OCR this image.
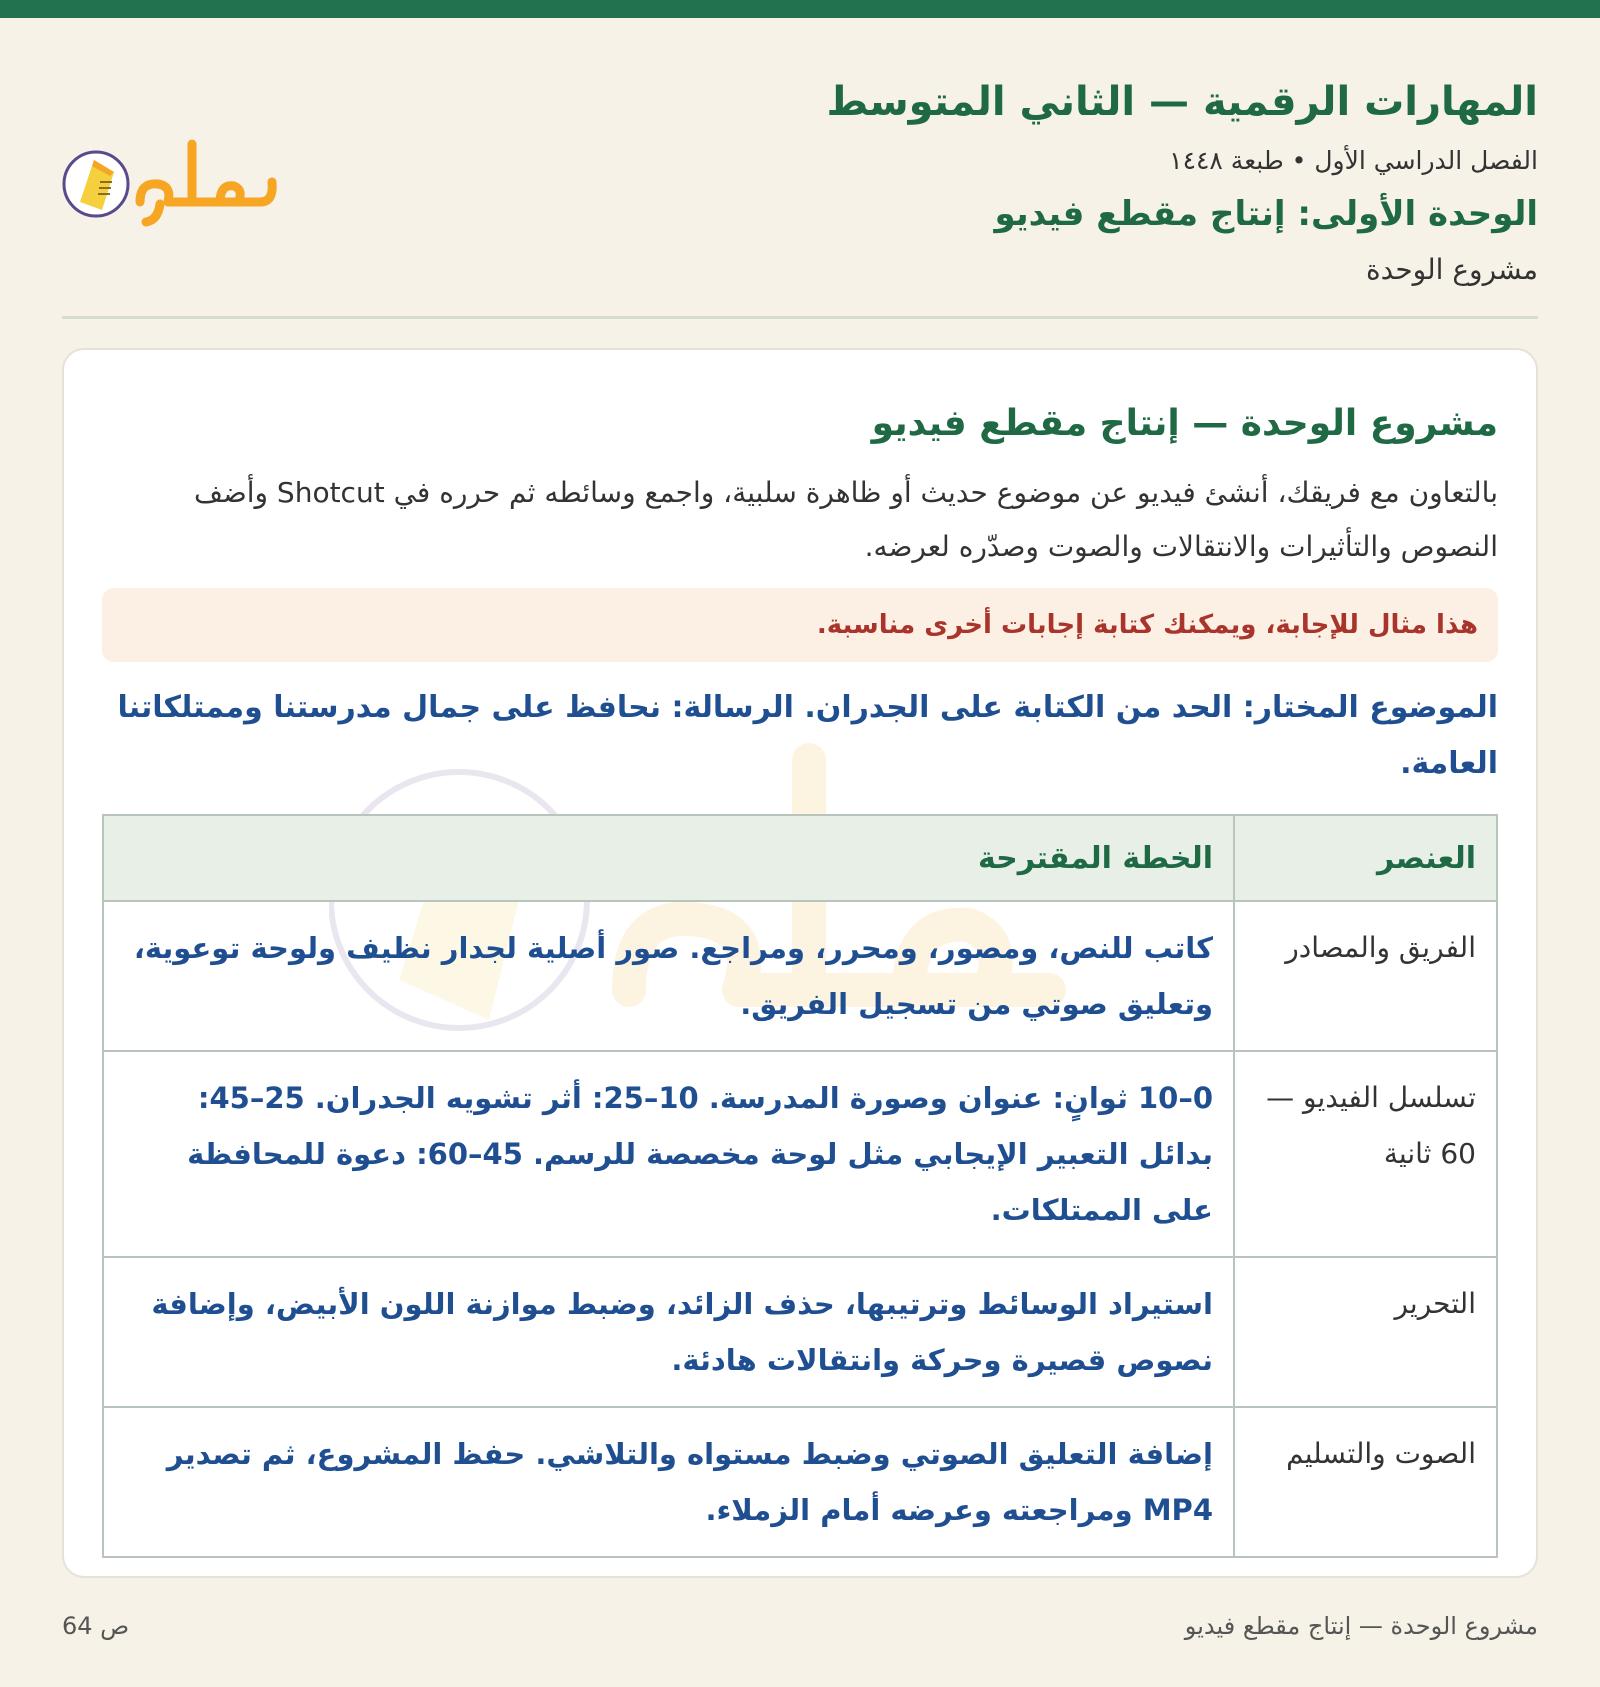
المهارات الرقمية — الثاني المتوسط
الفصل الدراسي الأول • طبعة ١٤٤٨
الوحدة الأولى: إنتاج مقطع فيديو
مشروع الوحدة
مشروع الوحدة — إنتاج مقطع فيديو
بالتعاون مع فريقك، أنشئ فيديو عن موضوع حديث أو ظاهرة سلبية، واجمع وسائطه ثم حرره في Shotcut وأضف النصوص والتأثيرات والانتقالات والصوت وصدّره لعرضه.
هذا مثال للإجابة، ويمكنك كتابة إجابات أخرى مناسبة.
الموضوع المختار: الحد من الكتابة على الجدران. الرسالة: نحافظ على جمال مدرستنا وممتلكاتنا العامة.
العنصر	الخطة المقترحة
الفريق والمصادر	كاتب للنص، ومصور، ومحرر، ومراجع. صور أصلية لجدار نظيف ولوحة توعوية، وتعليق صوتي من تسجيل الفريق.
تسلسل الفيديو — 60 ثانية	0–10 ثوانٍ: عنوان وصورة المدرسة. 10–25: أثر تشويه الجدران. 25–45: بدائل التعبير الإيجابي مثل لوحة مخصصة للرسم. 45–60: دعوة للمحافظة على الممتلكات.
التحرير	استيراد الوسائط وترتيبها، حذف الزائد، وضبط موازنة اللون الأبيض، وإضافة نصوص قصيرة وحركة وانتقالات هادئة.
الصوت والتسليم	إضافة التعليق الصوتي وضبط مستواه والتلاشي. حفظ المشروع، ثم تصدير MP4 ومراجعته وعرضه أمام الزملاء.
ص 64	مشروع الوحدة — إنتاج مقطع فيديو
